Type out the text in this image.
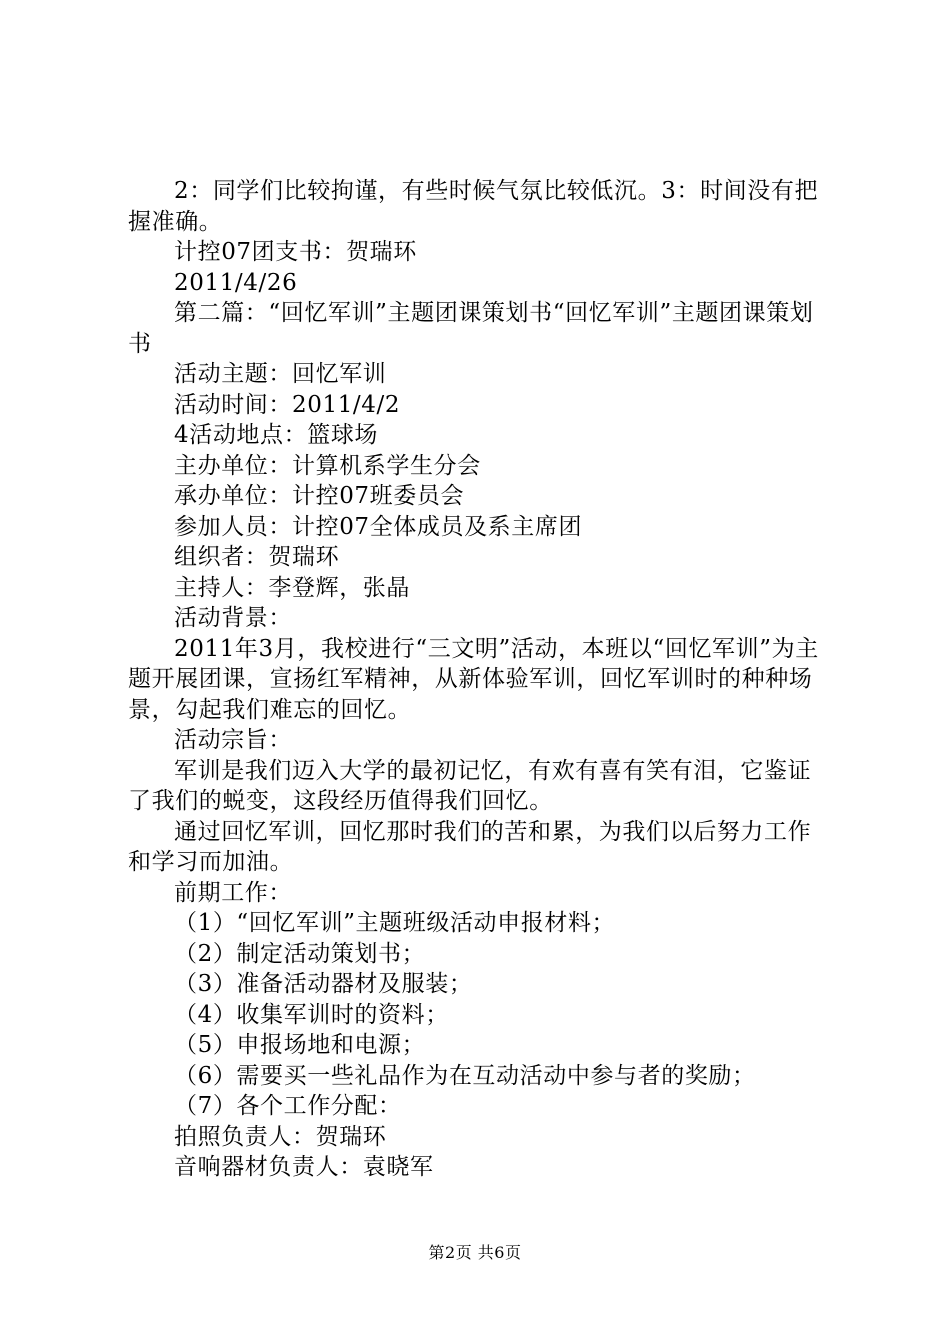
2：同学们比较拘谨，有些时候气氛比较低沉。3：时间没有把握准确。

计控07团支书：贺瑞环

2011/4/26

第二篇：“回忆军训”主题团课策划书“回忆军训”主题团课策划书

活动主题：回忆军训

活动时间：2011/4/2

4活动地点：篮球场

主办单位：计算机系学生分会

承办单位：计控07班委员会

参加人员：计控07全体成员及系主席团

组织者：贺瑞环

主持人：李登辉，张晶

活动背景：

2011年3月，我校进行“三文明”活动，本班以“回忆军训”为主题开展团课，宣扬红军精神，从新体验军训，回忆军训时的种种场景，勾起我们难忘的回忆。

活动宗旨：

军训是我们迈入大学的最初记忆，有欢有喜有笑有泪，它鉴证了我们的蜕变，这段经历值得我们回忆。

通过回忆军训，回忆那时我们的苦和累，为我们以后努力工作和学习而加油。

前期工作：

（1）“回忆军训”主题班级活动申报材料；

（2）制定活动策划书；

（3）准备活动器材及服装；

（4）收集军训时的资料；

（5）申报场地和电源；

（6）需要买一些礼品作为在互动活动中参与者的奖励；

（7）各个工作分配：

拍照负责人：贺瑞环

音响器材负责人：袁晓军

第2页 共6页
